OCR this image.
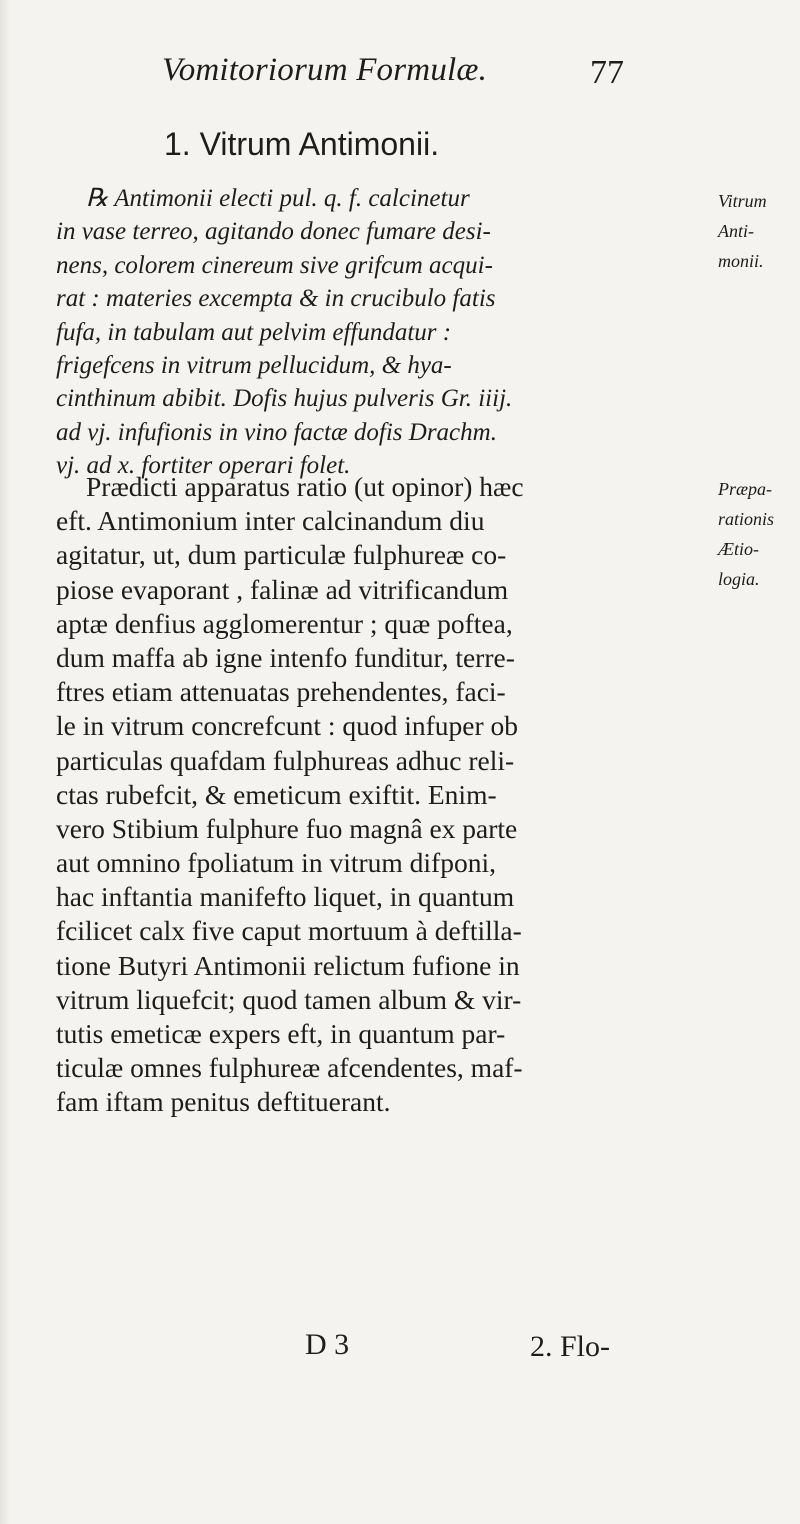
Vomitoriorum Formulæ.	77
1. Vitrum Antimonii.
℞ Antimonii electi pul. q. f. calcinetur
in vase terreo, agitando donec fumare desi-
nens, colorem cinereum sive grifcum acqui-
rat : materies excempta & in crucibulo fatis
fufa, in tabulam aut pelvim effundatur :
frigefcens in vitrum pellucidum, & hya-
cinthinum abibit. Dofis hujus pulveris Gr. iiij.
ad vj. infufionis in vino factæ dofis Drachm.
vj. ad x. fortiter operari folet.
Vitrum
Anti-
monii.
Prædicti apparatus ratio (ut opinor) hæc
eft. Antimonium inter calcinandum diu
agitatur, ut, dum particulæ fulphureæ co-
piose evaporant , falinæ ad vitrificandum
aptæ denfius agglomerentur ; quæ poftea,
dum maffa ab igne intenfo funditur, terre-
ftres etiam attenuatas prehendentes, faci-
le in vitrum concrefcunt : quod infuper ob
particulas quafdam fulphureas adhuc reli-
ctas rubefcit, & emeticum exiftit. Enim-
vero Stibium fulphure fuo magnâ ex parte
aut omnino fpoliatum in vitrum difponi,
hac inftantia manifefto liquet, in quantum
fcilicet calx five caput mortuum à deftilla-
tione Butyri Antimonii relictum fufione in
vitrum liquefcit; quod tamen album & vir-
tutis emeticæ expers eft, in quantum par-
ticulæ omnes fulphureæ afcendentes, maf-
fam iftam penitus deftituerant.
Præpa-
rationis
Ætio-
logia.
D 3	2. Flo-
